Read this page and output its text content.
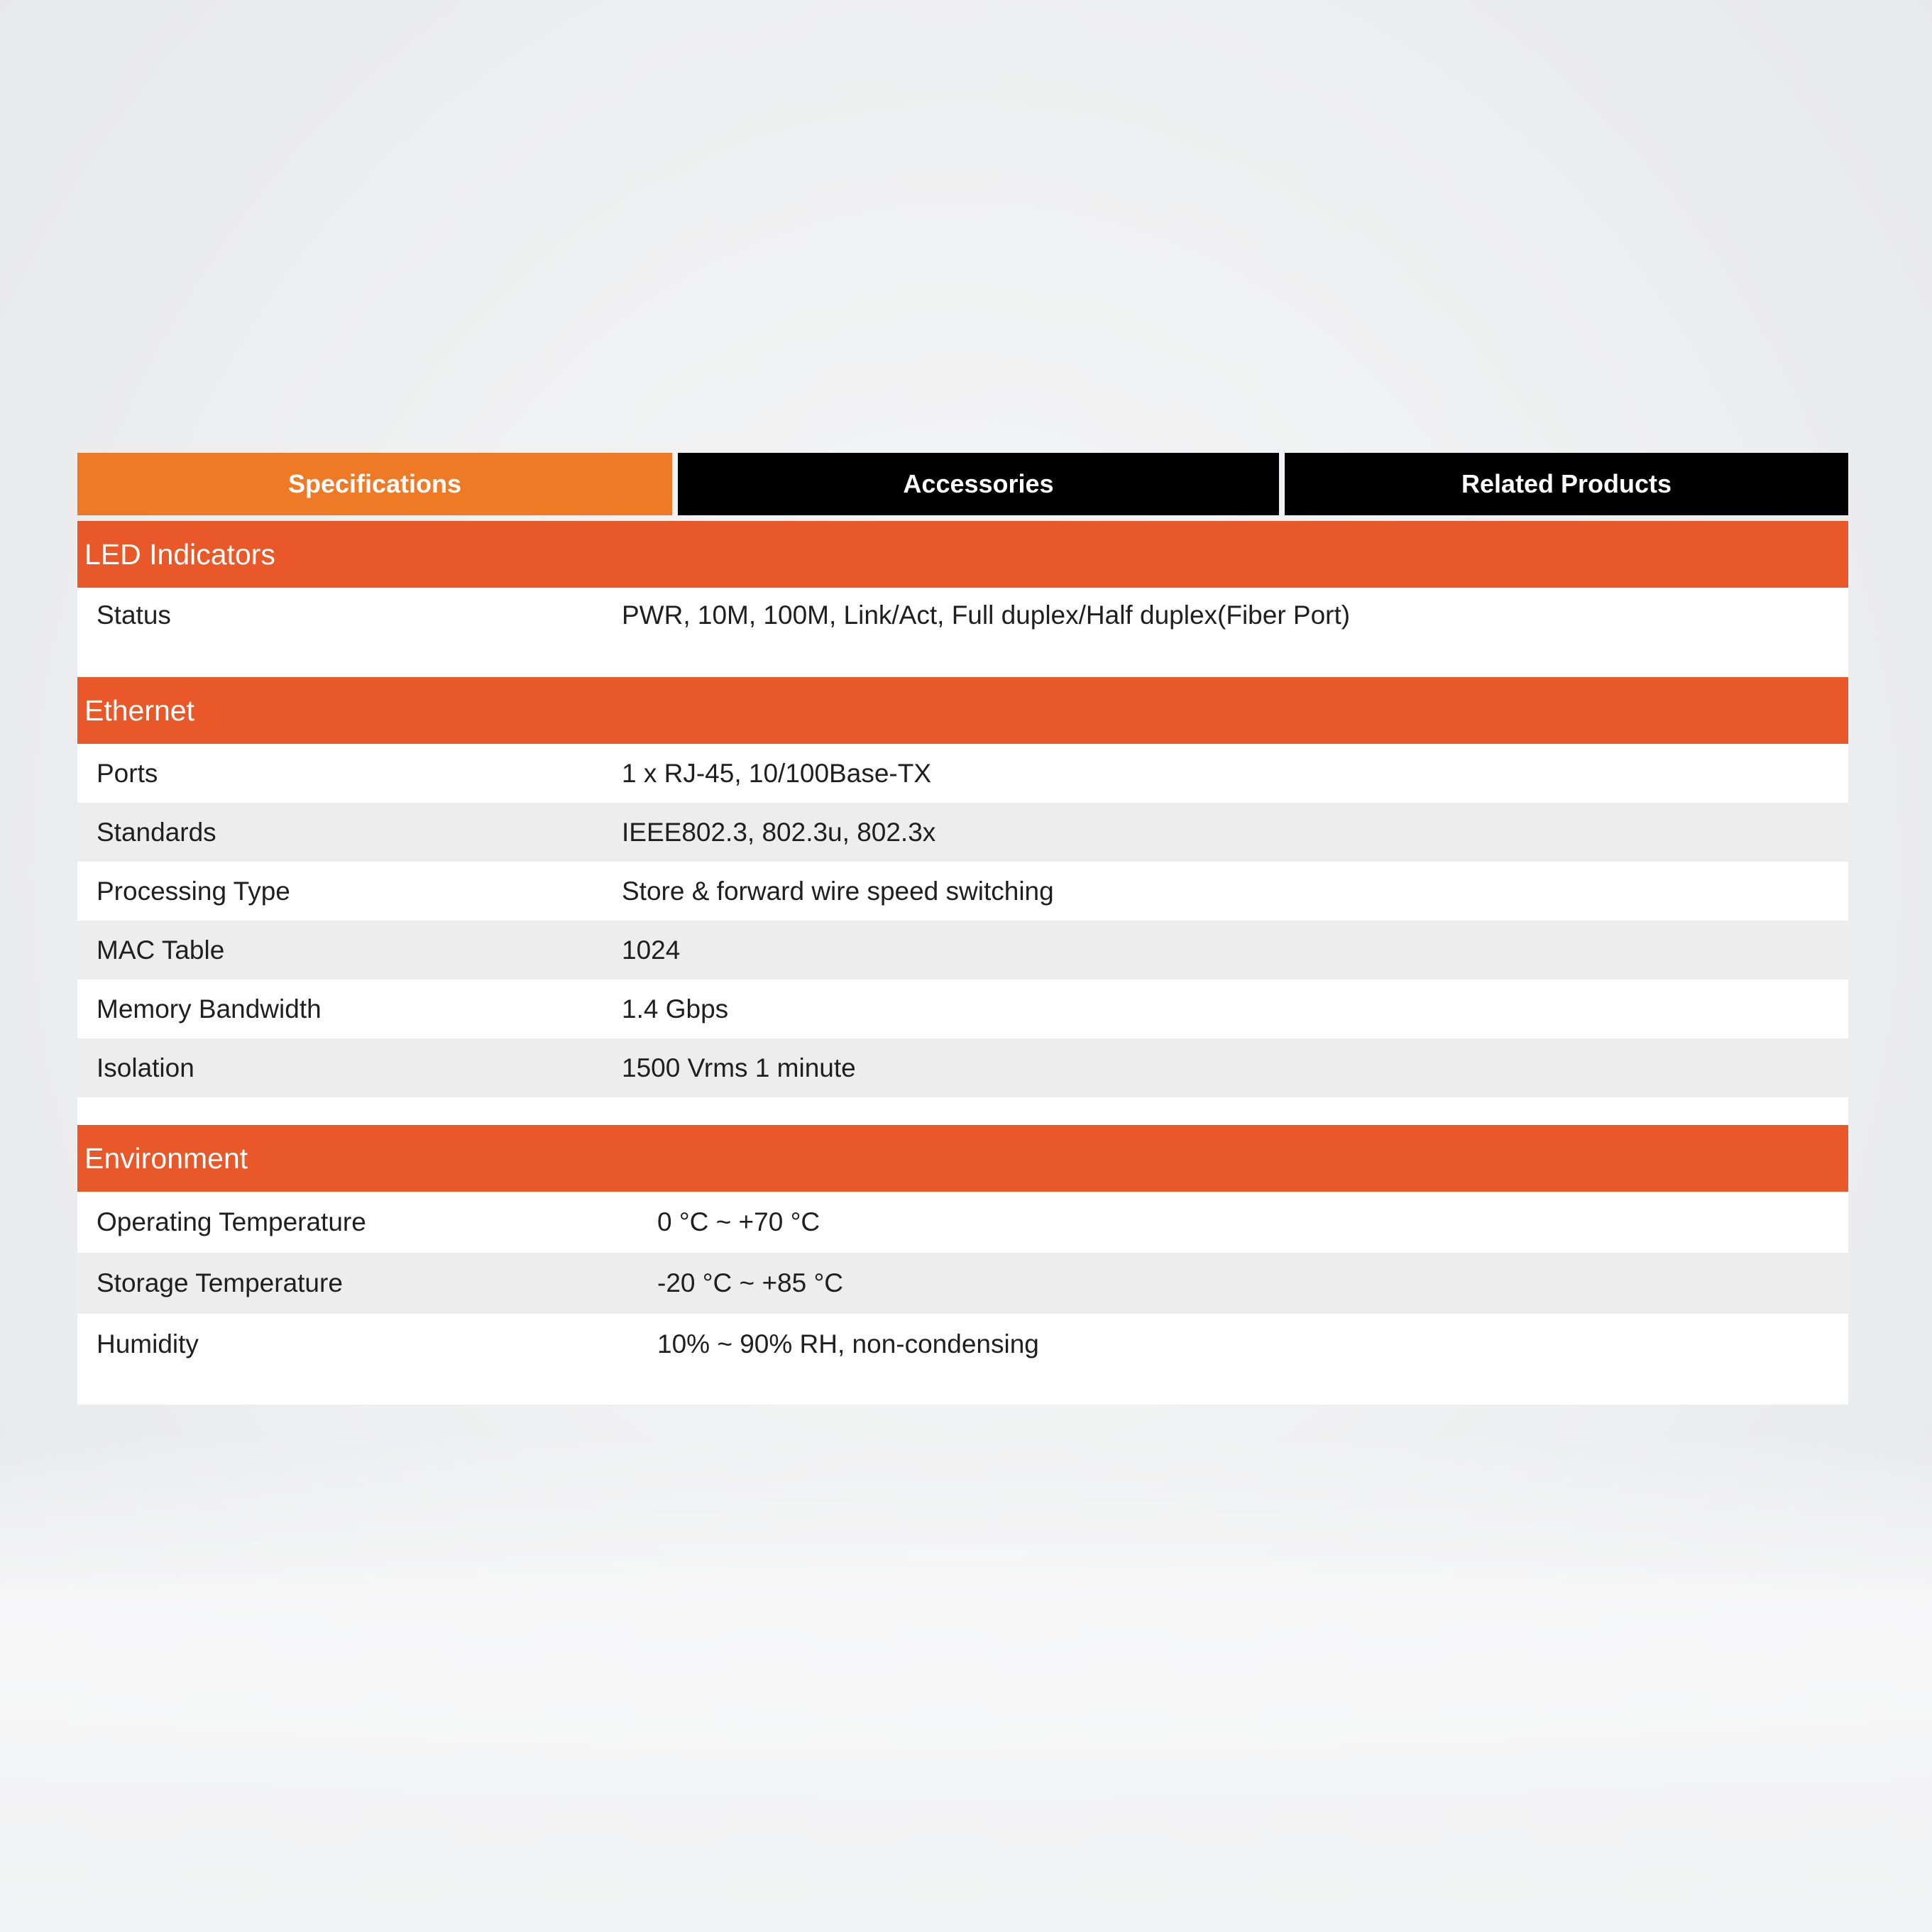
Specifications	Accessories	Related Products
LED Indicators
Status	PWR, 10M, 100M, Link/Act, Full duplex/Half duplex(Fiber Port)
Ethernet
Ports	1 x RJ-45, 10/100Base-TX
Standards	IEEE802.3, 802.3u, 802.3x
Processing Type	Store & forward wire speed switching
MAC Table	1024
Memory Bandwidth	1.4 Gbps
Isolation	1500 Vrms 1 minute
Environment
Operating Temperature	0 °C ~ +70 °C
Storage Temperature	-20 °C ~ +85 °C
Humidity	10% ~ 90% RH, non-condensing
